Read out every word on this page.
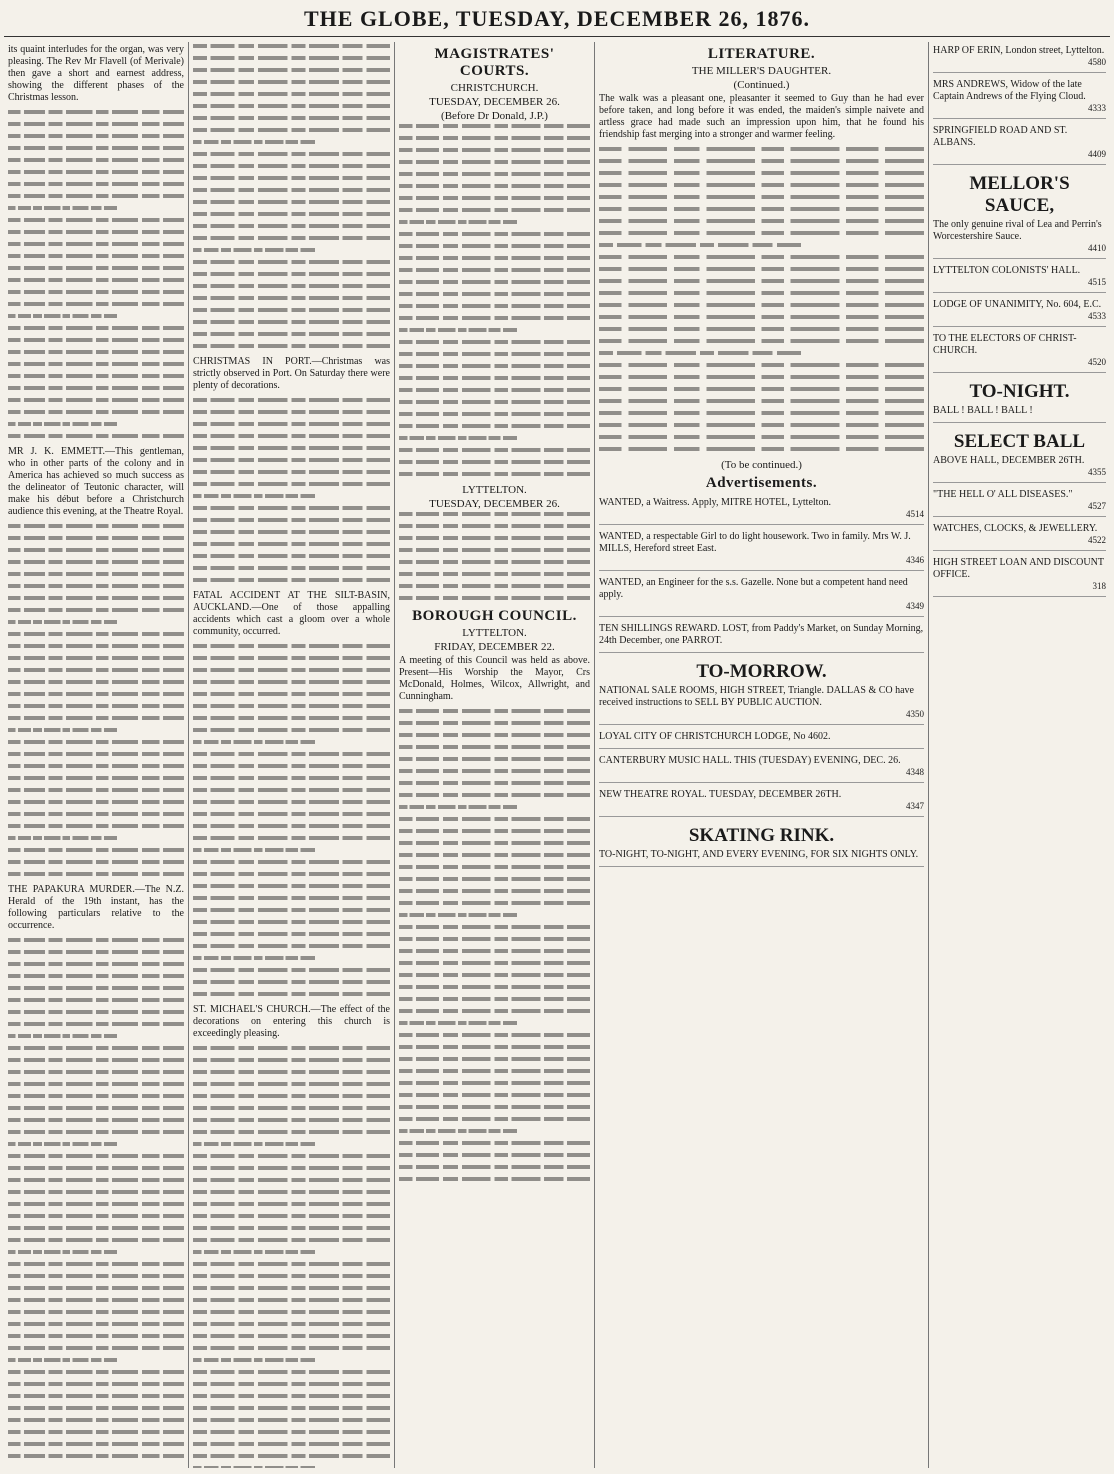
THE GLOBE, TUESDAY, DECEMBER 26, 1876.
its quaint interludes for the organ, was very pleasing. The Rev Mr Flavell (of Merivale) then gave a short and earnest address, showing the different phases of the Christmas lesson.
MR J. K. EMMETT.—This gentleman, who in other parts of the colony and in America has achieved so much success as the delineator of Teutonic character, will make his début before a Christchurch audience this evening, at the Theatre Royal.
THE PAPAKURA MURDER.—The N.Z. Herald of the 19th instant, has the following particulars relative to the occurrence.
CHRISTMAS IN PORT.—Christmas was strictly observed in Port. On Saturday there were plenty of decorations.
FATAL ACCIDENT AT THE SILT-BASIN, AUCKLAND.—One of those appalling accidents which cast a gloom over a whole community, occurred.
ST. MICHAEL'S CHURCH.—The effect of the decorations on entering this church is exceedingly pleasing.
MAGISTRATES' COURTS.
CHRISTCHURCH.
TUESDAY, DECEMBER 26.
(Before Dr Donald, J.P.)
LYTTELTON.
TUESDAY, DECEMBER 26.
BOROUGH COUNCIL.
LYTTELTON.
FRIDAY, DECEMBER 22.
A meeting of this Council was held as above. Present—His Worship the Mayor, Crs McDonald, Holmes, Wilcox, Allwright, and Cunningham.
LITERATURE.
THE MILLER'S DAUGHTER.
(Continued.)
The walk was a pleasant one, pleasanter it seemed to Guy than he had ever before taken, and long before it was ended, the maiden's simple naivete and artless grace had made such an impression upon him, that he found his friendship fast merging into a stronger and warmer feeling.
(To be continued.)
Advertisements.
WANTED, a Waitress. Apply, MITRE HOTEL, Lyttelton.
4514
WANTED, a respectable Girl to do light housework. Two in family. Mrs W. J. MILLS, Hereford street East.
4346
WANTED, an Engineer for the s.s. Gazelle. None but a competent hand need apply.
4349
TEN SHILLINGS REWARD. LOST, from Paddy's Market, on Sunday Morning, 24th December, one PARROT.
TO-MORROW.
NATIONAL SALE ROOMS, HIGH STREET, Triangle. DALLAS & CO have received instructions to SELL BY PUBLIC AUCTION.
4350
LOYAL CITY OF CHRISTCHURCH LODGE, No 4602.
CANTERBURY MUSIC HALL. THIS (TUESDAY) EVENING, DEC. 26.
4348
NEW THEATRE ROYAL. TUESDAY, DECEMBER 26TH.
4347
SKATING RINK.
TO-NIGHT, TO-NIGHT, AND EVERY EVENING, FOR SIX NIGHTS ONLY.
HARP OF ERIN, London street, Lyttelton.
4580
MRS ANDREWS, Widow of the late Captain Andrews of the Flying Cloud.
4333
SPRINGFIELD ROAD AND ST. ALBANS.
4409
MELLOR'S SAUCE,
The only genuine rival of Lea and Perrin's Worcestershire Sauce.
4410
LYTTELTON COLONISTS' HALL.
4515
LODGE OF UNANIMITY, No. 604, E.C.
4533
TO THE ELECTORS OF CHRIST-CHURCH.
4520
TO-NIGHT.
BALL ! BALL ! BALL !
SELECT BALL
ABOVE HALL, DECEMBER 26TH.
4355
"THE HELL O' ALL DISEASES."
4527
WATCHES, CLOCKS, & JEWELLERY.
4522
HIGH STREET LOAN AND DISCOUNT OFFICE.
318
